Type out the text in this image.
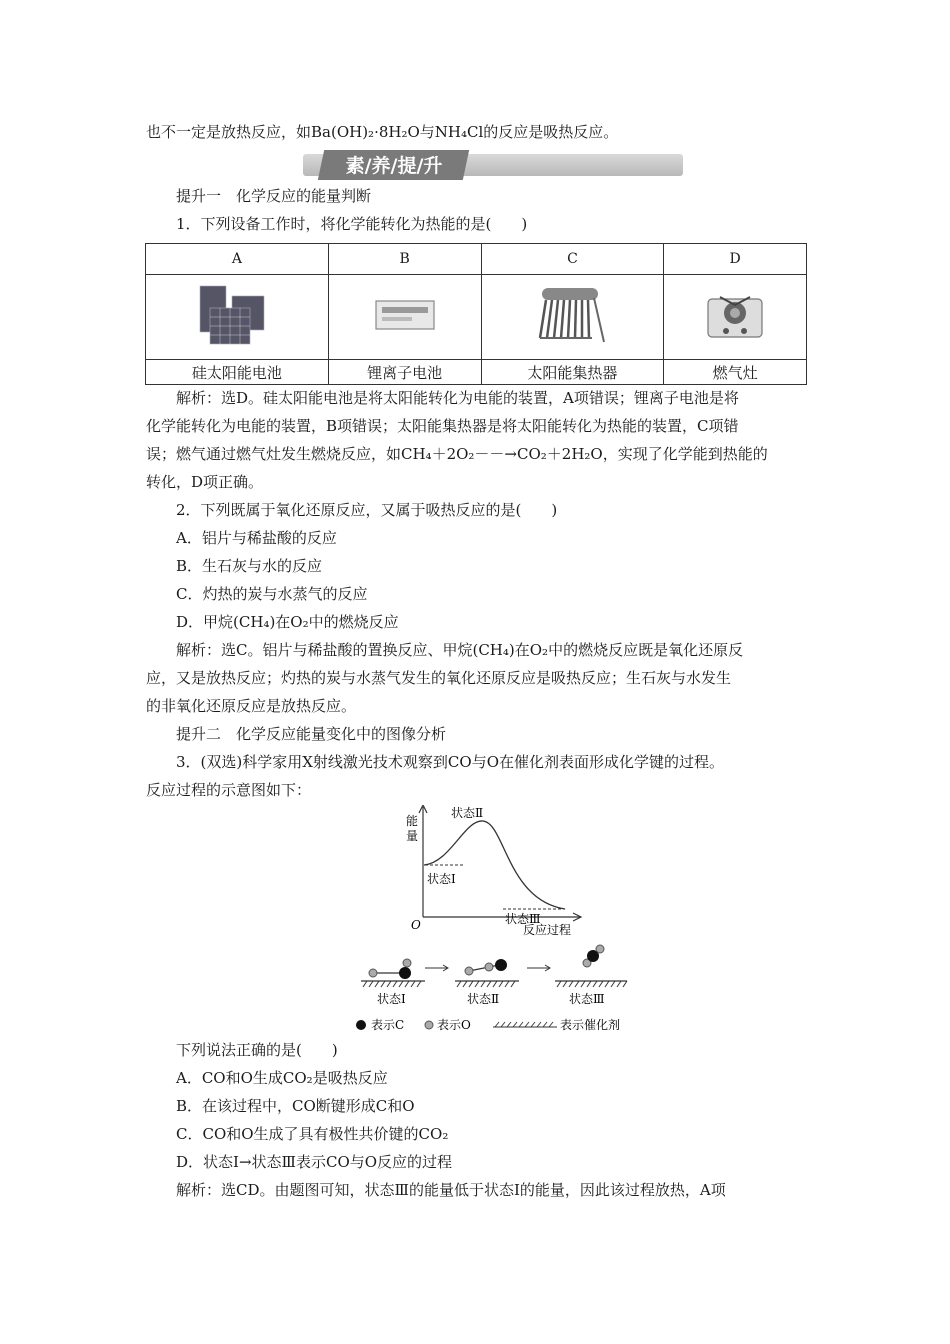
也不一定是放热反应，如Ba(OH)₂·8H₂O与NH₄Cl的反应是吸热反应。
素/养/提/升
提升一　化学反应的能量判断
1．下列设备工作时，将化学能转化为热能的是(　　)
A	B	C	D

硅太阳能电池	锂离子电池	太阳能集热器	燃气灶
解析：选D。硅太阳能电池是将太阳能转化为电能的装置，A项错误；锂离子电池是将
化学能转化为电能的装置，B项错误；太阳能集热器是将太阳能转化为热能的装置，C项错
误；燃气通过燃气灶发生燃烧反应，如CH₄＋2O₂－－→CO₂＋2H₂O，实现了化学能到热能的
转化，D项正确。
2．下列既属于氧化还原反应，又属于吸热反应的是(　　)
A．铝片与稀盐酸的反应
B．生石灰与水的反应
C．灼热的炭与水蒸气的反应
D．甲烷(CH₄)在O₂中的燃烧反应
解析：选C。铝片与稀盐酸的置换反应、甲烷(CH₄)在O₂中的燃烧反应既是氧化还原反
应，又是放热反应；灼热的炭与水蒸气发生的氧化还原反应是吸热反应；生石灰与水发生
的非氧化还原反应是放热反应。
提升二　化学反应能量变化中的图像分析
3．(双选)科学家用X射线激光技术观察到CO与O在催化剂表面形成化学键的过程。
反应过程的示意图如下：
能
量
O	反应过程
状态Ⅰ
状态Ⅱ
状态Ⅲ
状态Ⅰ	状态Ⅱ	状态Ⅲ
表示C	表示O	表示催化剂
下列说法正确的是(　　)
A．CO和O生成CO₂是吸热反应
B．在该过程中，CO断键形成C和O
C．CO和O生成了具有极性共价键的CO₂
D．状态Ⅰ→状态Ⅲ表示CO与O反应的过程
解析：选CD。由题图可知，状态Ⅲ的能量低于状态Ⅰ的能量，因此该过程放热，A项
